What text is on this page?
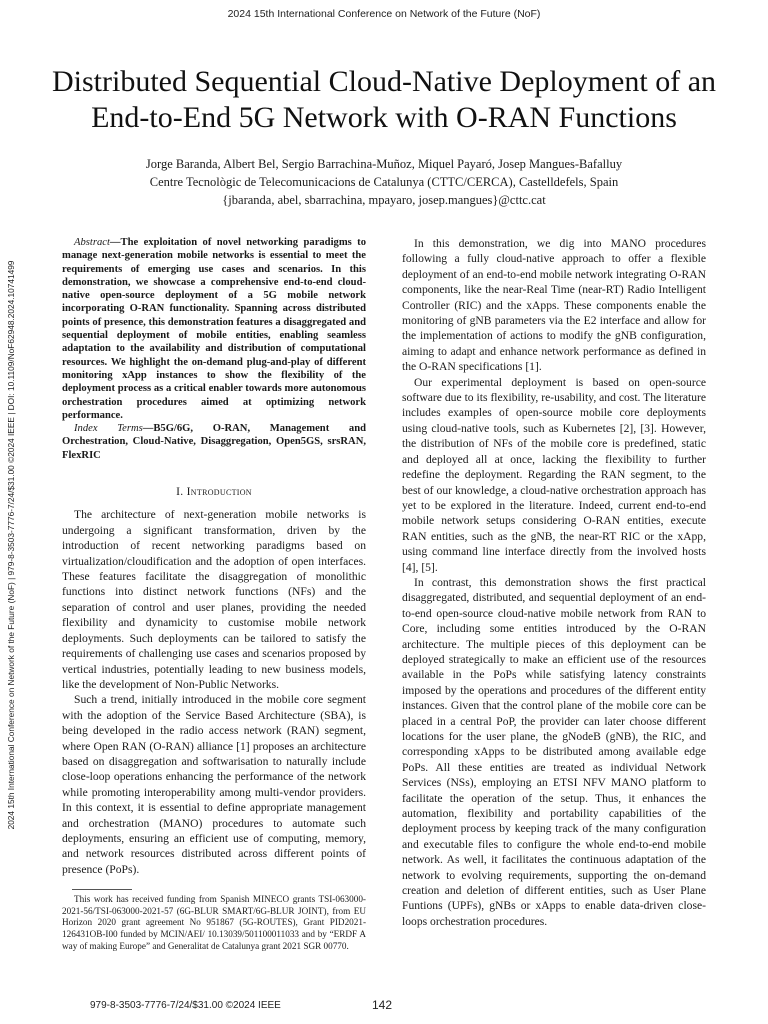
2024 15th International Conference on Network of the Future (NoF)
Distributed Sequential Cloud-Native Deployment of an End-to-End 5G Network with O-RAN Functions
Jorge Baranda, Albert Bel, Sergio Barrachina-Muñoz, Miquel Payaró, Josep Mangues-Bafalluy
Centre Tecnològic de Telecomunicacions de Catalunya (CTTC/CERCA), Castelldefels, Spain
{jbaranda, abel, sbarrachina, mpayaro, josep.mangues}@cttc.cat
2024 15th International Conference on Network of the Future (NoF) | 979-8-3503-7776-7/24/$31.00 ©2024 IEEE | DOI: 10.1109/NoF62948.2024.10741499

Abstract—The exploitation of novel networking paradigms to manage next-generation mobile networks is essential to meet the requirements of emerging use cases and scenarios. In this demonstration, we showcase a comprehensive end-to-end cloud-native open-source deployment of a 5G mobile network incorporating O-RAN functionality. Spanning across distributed points of presence, this demonstration features a disaggregated and sequential deployment of mobile entities, enabling seamless adaptation to the availability and distribution of computational resources. We highlight the on-demand plug-and-play of different monitoring xApp instances to show the flexibility of the deployment process as a critical enabler towards more autonomous orchestration procedures aimed at optimizing network performance.

Index Terms—B5G/6G, O-RAN, Management and Orchestration, Cloud-Native, Disaggregation, Open5GS, srsRAN, FlexRIC

I. Introduction

The architecture of next-generation mobile networks is undergoing a significant transformation, driven by the introduction of recent networking paradigms based on virtualization/cloudification and the adoption of open interfaces. These features facilitate the disaggregation of monolithic functions into distinct network functions (NFs) and the separation of control and user planes, providing the needed flexibility and dynamicity to customise mobile network deployments. Such deployments can be tailored to satisfy the requirements of challenging use cases and scenarios proposed by vertical industries, potentially leading to new business models, like the development of Non-Public Networks.

Such a trend, initially introduced in the mobile core segment with the adoption of the Service Based Architecture (SBA), is being developed in the radio access network (RAN) segment, where Open RAN (O-RAN) alliance [1] proposes an architecture based on disaggregation and softwarisation to naturally include close-loop operations enhancing the performance of the network while promoting interoperability among multi-vendor providers. In this context, it is essential to define appropriate management and orchestration (MANO) procedures to automate such deployments, ensuring an efficient use of computing, memory, and network resources distributed across different points of presence (PoPs).

This work has received funding from Spanish MINECO grants TSI-063000-2021-56/TSI-063000-2021-57 (6G-BLUR SMART/6G-BLUR JOINT), from EU Horizon 2020 grant agreement No 951867 (5G-ROUTES), Grant PID2021-126431OB-I00 funded by MCIN/AEI/ 10.13039/501100011033 and by “ERDF A way of making Europe” and Generalitat de Catalunya grant 2021 SGR 00770.

In this demonstration, we dig into MANO procedures following a fully cloud-native approach to offer a flexible deployment of an end-to-end mobile network integrating O-RAN components, like the near-Real Time (near-RT) Radio Intelligent Controller (RIC) and the xApps. These components enable the monitoring of gNB parameters via the E2 interface and allow for the implementation of actions to modify the gNB configuration, aiming to adapt and enhance network performance as defined in the O-RAN specifications [1].

Our experimental deployment is based on open-source software due to its flexibility, re-usability, and cost. The literature includes examples of open-source mobile core deployments using cloud-native tools, such as Kubernetes [2], [3]. However, the distribution of NFs of the mobile core is predefined, static and deployed all at once, lacking the flexibility to further redefine the deployment. Regarding the RAN segment, to the best of our knowledge, a cloud-native orchestration approach has yet to be explored in the literature. Indeed, current end-to-end mobile network setups considering O-RAN entities, execute RAN entities, such as the gNB, the near-RT RIC or the xApp, using command line interface directly from the involved hosts [4], [5].

In contrast, this demonstration shows the first practical disaggregated, distributed, and sequential deployment of an end-to-end open-source cloud-native mobile network from RAN to Core, including some entities introduced by the O-RAN architecture. The multiple pieces of this deployment can be deployed strategically to make an efficient use of the resources available in the PoPs while satisfying latency constraints imposed by the operations and procedures of the different entity instances. Given that the control plane of the mobile core can be placed in a central PoP, the provider can later choose different locations for the user plane, the gNodeB (gNB), the RIC, and corresponding xApps to be distributed among available edge PoPs. All these entities are treated as individual Network Services (NSs), employing an ETSI NFV MANO platform to facilitate the operation of the setup. Thus, it enhances the automation, flexibility and portability capabilities of the deployment process by keeping track of the many configuration and executable files to configure the whole end-to-end mobile network. As well, it facilitates the continuous adaptation of the network to evolving requirements, supporting the on-demand creation and deletion of different entities, such as User Plane Funtions (UPFs), gNBs or xApps to enable data-driven close-loops orchestration procedures.

979-8-3503-7776-7/24/$31.00 ©2024 IEEE	142
